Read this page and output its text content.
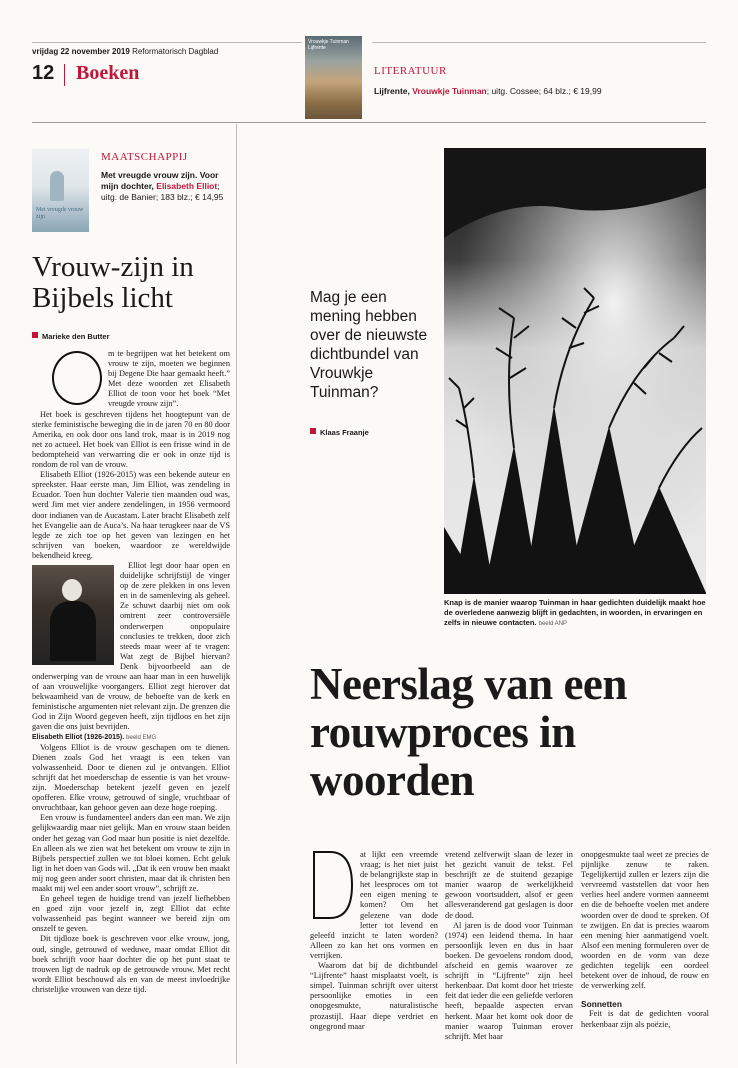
vrijdag 22 november 2019 Reformatorisch Dagblad
12 Boeken
Vrouwkje Tuinman
Lijfrente
LITERATUUR
Lijfrente, Vrouwkje Tuinman; uitg. Cossee; 64 blz.; € 19,99
Met vreugde vrouw zijn
MAATSCHAPPIJ
Met vreugde vrouw zijn. Voor mijn dochter, Elisabeth Elliot; uitg. de Banier; 183 blz.; € 14,95
Vrouw-zijn in Bijbels licht
Marieke den Butter

m te begrijpen wat het betekent om vrouw te zijn, moeten we beginnen bij Degene Die haar gemaakt heeft.” Met deze woorden zet Elisabeth Elliot de toon voor het boek “Met vreugde vrouw zijn”.

Het boek is geschreven tijdens het hoogtepunt van de sterke feministische beweging die in de jaren 70 en 80 door Amerika, en ook door ons land trok, maar is in 2019 nog net zo actueel. Het boek van Elliot is een frisse wind in de bedompteheid van verwarring die er ook in onze tijd is rondom de rol van de vrouw.

Elisabeth Elliot (1926-2015) was een bekende auteur en spreekster. Haar eerste man, Jim Elliot, was zendeling in Ecuador. Toen hun dochter Valerie tien maanden oud was, werd Jim met vier andere zendelingen, in 1956 vermoord door indianen van de Aucastam. Later bracht Elisabeth zelf het Evangelie aan de Auca’s. Na haar terugkeer naar de VS legde ze zich toe op het geven van lezingen en het schrijven van boeken, waardoor ze wereldwijde bekendheid kreeg.

Elliot legt door haar open en duidelijke schrijfstijl de vinger op de zere plekken in ons leven en in de samenleving als geheel. Ze schuwt daarbij niet om ook omtrent zeer controversiële onderwerpen onpopulaire conclusies te trekken, door zich steeds maar weer af te vragen: Wat zegt de Bijbel hiervan? Denk bijvoorbeeld aan de onderwerping van de vrouw aan haar man in een huwelijk of aan vrouwelijke voorgangers. Elliot zegt hierover dat bekwaamheid van de vrouw, de behoefte van de kerk en feministische argumenten niet relevant zijn. De grenzen die God in Zijn Woord gegeven heeft, zijn tijdloos en het zijn gaven die ons juist bevrijden.

Elisabeth Elliot (1926-2015). beeld EMG

Volgens Elliot is de vrouw geschapen om te dienen. Dienen zoals God het vraagt is een teken van volwassenheid. Door te dienen zul je ontvangen. Elliot schrijft dat het moederschap de essentie is van het vrouw-zijn. Moederschap betekent jezelf geven en jezelf opofferen. Elke vrouw, getrouwd of single, vruchtbaar of onvruchtbaar, kan gehoor geven aan deze hoge roeping.

Een vrouw is fundamenteel anders dan een man. We zijn gelijkwaardig maar niet gelijk. Man en vrouw staan beiden onder het gezag van God maar hun positie is niet dezelfde. En alleen als we zien wat het betekent om vrouw te zijn in Bijbels perspectief zullen we tot bloei komen. Echt geluk ligt in het doen van Gods wil. „Dat ik een vrouw ben maakt mij nog geen ander soort christen, maar dat ik christen ben maakt mij wel een ander soort vrouw”, schrijft ze.

En geheel tegen de huidige trend van jezelf liefhebben en goed zijn voor jezelf in, zegt Elliot dat echte volwassenheid pas begint wanneer we bereid zijn om onszelf te geven.

Dit tijdloze boek is geschreven voor elke vrouw, jong, oud, single, getrouwd of weduwe, maar omdat Elliot dit boek schrijft voor haar dochter die op het punt staat te trouwen ligt de nadruk op de getrouwde vrouw. Met recht wordt Elliot beschouwd als en van de meest invloedrijke christelijke vrouwen van deze tijd.

Mag je een mening hebben over de nieuwste dichtbundel van Vrouwkje Tuinman?
Klaas Fraanje
Knap is de manier waarop Tuinman in haar gedichten duidelijk maakt hoe de overledene aanwezig blijft in gedachten, in woorden, in ervaringen en zelfs in nieuwe contacten. beeld ANP
Neerslag van een rouwproces in woorden

at lijkt een vreemde vraag; is het niet juist de belangrijkste stap in het leesproces om tot een eigen mening te komen? Om het gelezene van dode letter tot levend en geleefd inzicht te laten worden? Alleen zo kan het ons vormen en verrijken.

Waarom dat bij de dichtbundel “Lijfrente” haast misplaatst voelt, is simpel. Tuinman schrijft over uiterst persoonlijke emoties in een onopgesmukte, naturalistische prozastijl. Haar diepe verdriet en ongegrond maar

vretend zelfverwijt slaan de lezer in het gezicht vanuit de tekst. Fel beschrijft ze de stuitend gezapige manier waarop de werkelijkheid gewoon voortsuddert, alsof er geen allesveranderend gat geslagen is door de dood.

Al jaren is de dood voor Tuinman (1974) een leidend thema. In haar persoonlijk leven en dus in haar boeken. De gevoelens rondom dood, afscheid en gemis waarover ze schrijft in “Lijfrente” zijn heel herkenbaar. Dat komt door het trieste feit dat ieder die een geliefde verloren heeft, bepaalde aspecten ervan herkent. Maar het komt ook door de manier waarop Tuinman erover schrijft. Met haar

onopgesmukte taal weet ze precies de pijnlijke zenuw te raken. Tegelijkertijd zullen er lezers zijn die vervreemd vaststellen dat voor hen verlies heel andere vormen aanneemt en die de behoefte voelen met andere woorden over de dood te spreken. Of te zwijgen. En dat is precies waarom een mening hier aanmatigend voelt. Alsof een mening formuleren over de woorden en de vorm van deze gedichten tegelijk een oordeel betekent over de inhoud, de rouw en de verwerking zelf.

Sonnetten

Feit is dat de gedichten vooral herkenbaar zijn als poëzie,
